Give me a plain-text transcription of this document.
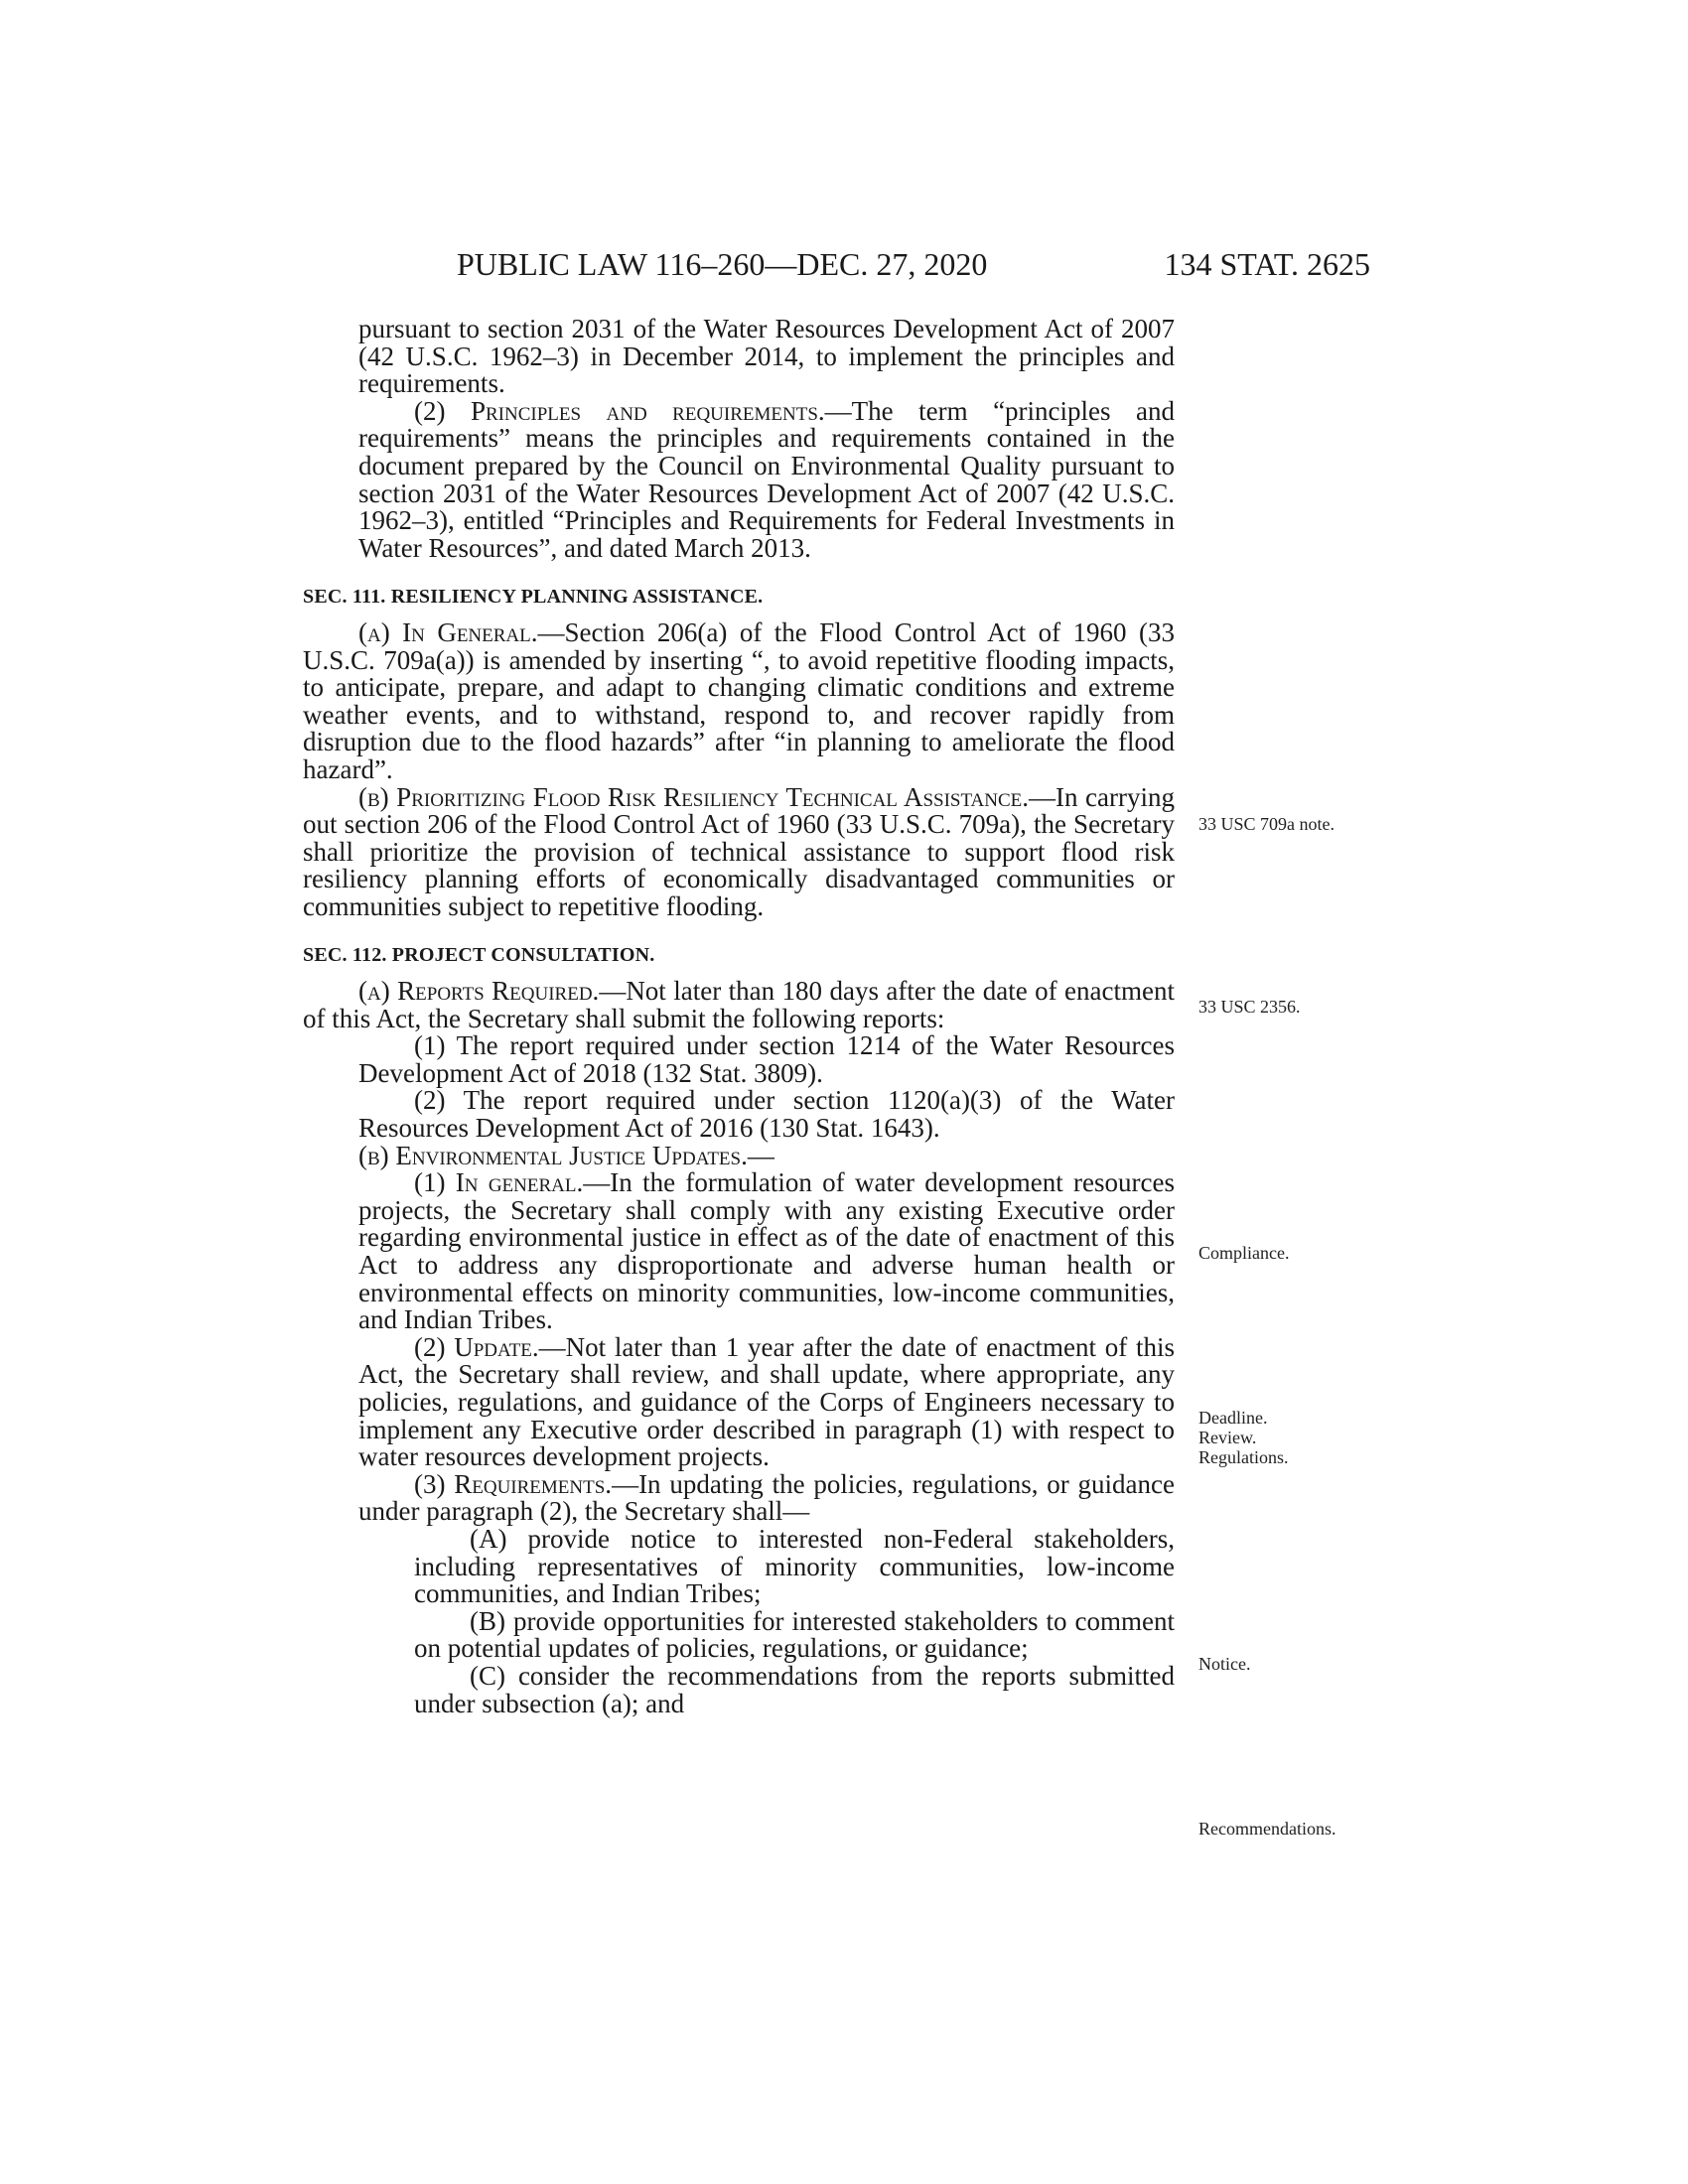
PUBLIC LAW 116–260—DEC. 27, 2020	134 STAT. 2625

pursuant to section 2031 of the Water Resources Development Act of 2007 (42 U.S.C. 1962–3) in December 2014, to implement the principles and requirements.

(2) Principles and requirements.—The term “principles and requirements” means the principles and requirements contained in the document prepared by the Council on Environmental Quality pursuant to section 2031 of the Water Resources Development Act of 2007 (42 U.S.C. 1962–3), entitled “Principles and Requirements for Federal Investments in Water Resources”, and dated March 2013.

SEC. 111. RESILIENCY PLANNING ASSISTANCE.

(a) In General.—Section 206(a) of the Flood Control Act of 1960 (33 U.S.C. 709a(a)) is amended by inserting “, to avoid repetitive flooding impacts, to anticipate, prepare, and adapt to changing climatic conditions and extreme weather events, and to withstand, respond to, and recover rapidly from disruption due to the flood hazards” after “in planning to ameliorate the flood hazard”.

(b) Prioritizing Flood Risk Resiliency Technical Assistance.—In carrying out section 206 of the Flood Control Act of 1960 (33 U.S.C. 709a), the Secretary shall prioritize the provision of technical assistance to support flood risk resiliency planning efforts of economically disadvantaged communities or communities subject to repetitive flooding.

SEC. 112. PROJECT CONSULTATION.

(a) Reports Required.—Not later than 180 days after the date of enactment of this Act, the Secretary shall submit the following reports:

(1) The report required under section 1214 of the Water Resources Development Act of 2018 (132 Stat. 3809).

(2) The report required under section 1120(a)(3) of the Water Resources Development Act of 2016 (130 Stat. 1643).

(b) Environmental Justice Updates.—

(1) In general.—In the formulation of water development resources projects, the Secretary shall comply with any existing Executive order regarding environmental justice in effect as of the date of enactment of this Act to address any disproportionate and adverse human health or environmental effects on minority communities, low-income communities, and Indian Tribes.

(2) Update.—Not later than 1 year after the date of enactment of this Act, the Secretary shall review, and shall update, where appropriate, any policies, regulations, and guidance of the Corps of Engineers necessary to implement any Executive order described in paragraph (1) with respect to water resources development projects.

(3) Requirements.—In updating the policies, regulations, or guidance under paragraph (2), the Secretary shall—

(A) provide notice to interested non-Federal stakeholders, including representatives of minority communities, low-income communities, and Indian Tribes;

(B) provide opportunities for interested stakeholders to comment on potential updates of policies, regulations, or guidance;

(C) consider the recommendations from the reports submitted under subsection (a); and

33 USC 709a note.
33 USC 2356.
Compliance.
Deadline. Review. Regulations.
Notice.
Recommendations.
